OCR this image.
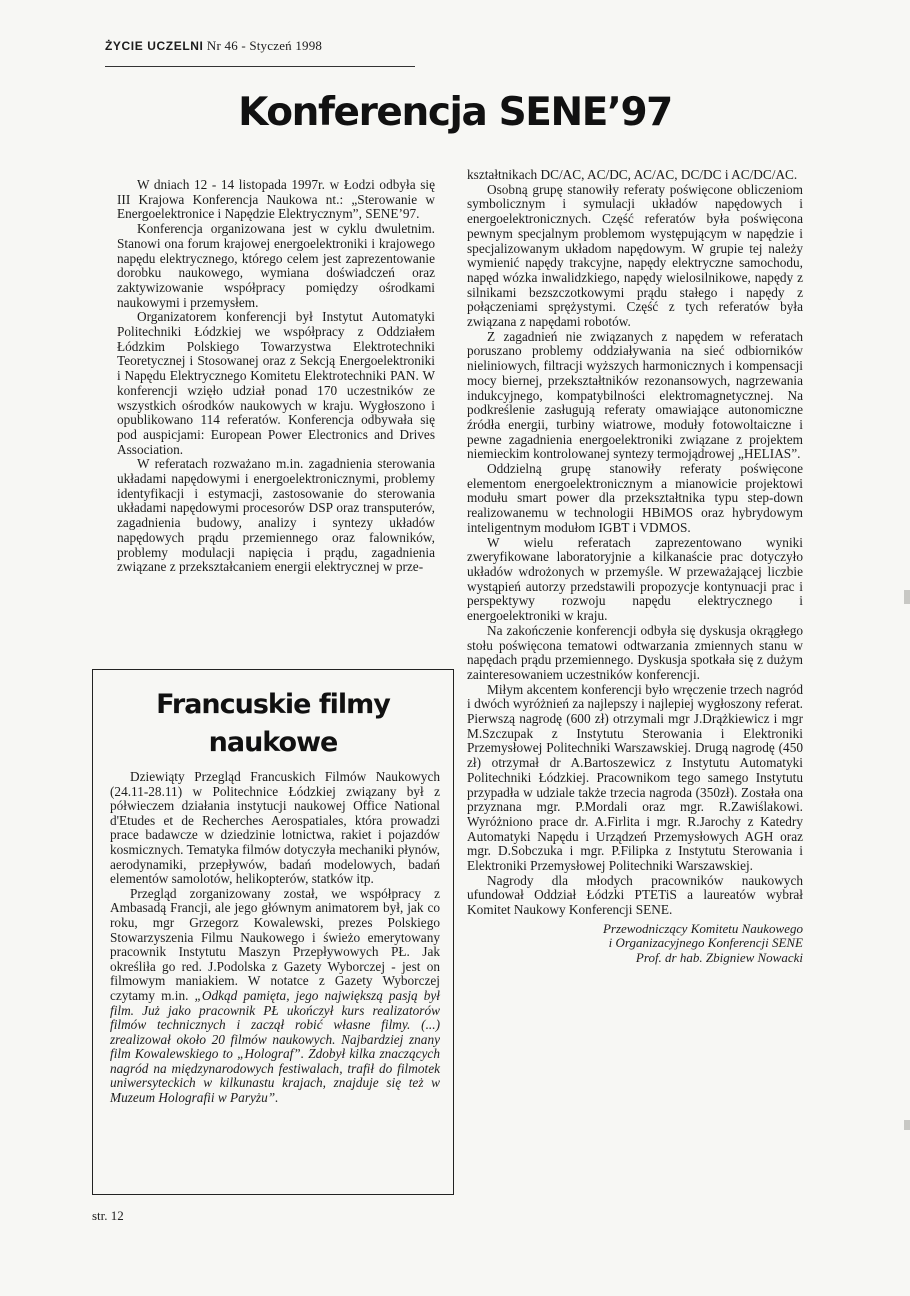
ŻYCIE UCZELNI Nr 46 - Styczeń 1998
Konferencja SENE’97

W dniach 12 - 14 listopada 1997r. w Łodzi odbyła się III Krajowa Konferencja Naukowa nt.: „Sterowanie w Energoelektronice i Napędzie Elektrycznym”, SENE’97.

Konferencja organizowana jest w cyklu dwuletnim. Stanowi ona forum krajowej energoelektroniki i krajowego napędu elektrycznego, którego celem jest zaprezentowanie dorobku naukowego, wymiana doświadczeń oraz zaktywizowanie współpracy pomiędzy ośrodkami naukowymi i przemysłem.

Organizatorem konferencji był Instytut Automatyki Politechniki Łódzkiej we współpracy z Oddziałem Łódzkim Polskiego Towarzystwa Elektrotechniki Teoretycznej i Stosowanej oraz z Sekcją Energoelektroniki i Napędu Elektrycznego Komitetu Elektrotechniki PAN. W konferencji wzięło udział ponad 170 uczestników ze wszystkich ośrodków naukowych w kraju. Wygłoszono i opublikowano 114 referatów. Konferencja odbywała się pod auspicjami: European Power Electronics and Drives Association.

W referatach rozważano m.in. zagadnienia sterowania układami napędowymi i energoelektronicznymi, problemy identyfikacji i estymacji, zastosowanie do sterowania układami napędowymi procesorów DSP oraz transputerów, zagadnienia budowy, analizy i syntezy układów napędowych prądu przemiennego oraz falowników, problemy modulacji napięcia i prądu, zagadnienia związane z przekształcaniem energii elektrycznej w prze-

Francuskie filmy
naukowe

Dziewiąty Przegląd Francuskich Filmów Naukowych (24.11-28.11) w Politechnice Łódzkiej związany był z półwieczem działania instytucji naukowej Office National d'Etudes et de Recherches Aerospatiales, która prowadzi prace badawcze w dziedzinie lotnictwa, rakiet i pojazdów kosmicznych. Tematyka filmów dotyczyła mechaniki płynów, aerodynamiki, przepływów, badań modelowych, badań elementów samolotów, helikopterów, statków itp.

Przegląd zorganizowany został, we współpracy z Ambasadą Francji, ale jego głównym animatorem był, jak co roku, mgr Grzegorz Kowalewski, prezes Polskiego Stowarzyszenia Filmu Naukowego i świeżo emerytowany pracownik Instytutu Maszyn Przepływowych PŁ. Jak określiła go red. J.Podolska z Gazety Wyborczej - jest on filmowym maniakiem. W notatce z Gazety Wyborczej czytamy m.in. „Odkąd pamięta, jego największą pasją był film. Już jako pracownik PŁ ukończył kurs realizatorów filmów technicznych i zaczął robić własne filmy. (...) zrealizował około 20 filmów naukowych. Najbardziej znany film Kowalewskiego to „Holograf”. Zdobył kilka znaczących nagród na międzynarodowych festiwalach, trafił do filmotek uniwersyteckich w kilkunastu krajach, znajduje się też w Muzeum Holografii w Paryżu”.

kształtnikach DC/AC, AC/DC, AC/AC, DC/DC i AC/DC/AC.

Osobną grupę stanowiły referaty poświęcone obliczeniom symbolicznym i symulacji układów napędowych i energoelektronicznych. Część referatów była poświęcona pewnym specjalnym problemom występującym w napędzie i specjalizowanym układom napędowym. W grupie tej należy wymienić napędy trakcyjne, napędy elektryczne samochodu, napęd wózka inwalidzkiego, napędy wielosilnikowe, napędy z silnikami bezszczotkowymi prądu stałego i napędy z połączeniami sprężystymi. Część z tych referatów była związana z napędami robotów.

Z zagadnień nie związanych z napędem w referatach poruszano problemy oddziaływania na sieć odbiorników nieliniowych, filtracji wyższych harmonicznych i kompensacji mocy biernej, przekształtników rezonansowych, nagrzewania indukcyjnego, kompatybilności elektromagnetycznej. Na podkreślenie zasługują referaty omawiające autonomiczne źródła energii, turbiny wiatrowe, moduły fotowoltaiczne i pewne zagadnienia energoelektroniki związane z projektem niemieckim kontrolowanej syntezy termojądrowej „HELIAS”.

Oddzielną grupę stanowiły referaty poświęcone elementom energoelektronicznym a mianowicie projektowi modułu smart power dla przekształtnika typu step-down realizowanemu w technologii HBiMOS oraz hybrydowym inteligentnym modułom IGBT i VDMOS.

W wielu referatach zaprezentowano wyniki zweryfikowane laboratoryjnie a kilkanaście prac dotyczyło układów wdrożonych w przemyśle. W przeważającej liczbie wystąpień autorzy przedstawili propozycje kontynuacji prac i perspektywy rozwoju napędu elektrycznego i energoelektroniki w kraju.

Na zakończenie konferencji odbyła się dyskusja okrągłego stołu poświęcona tematowi odtwarzania zmiennych stanu w napędach prądu przemiennego. Dyskusja spotkała się z dużym zainteresowaniem uczestników konferencji.

Miłym akcentem konferencji było wręczenie trzech nagród i dwóch wyróżnień za najlepszy i najlepiej wygłoszony referat. Pierwszą nagrodę (600 zł) otrzymali mgr J.Drążkiewicz i mgr M.Szczupak z Instytutu Sterowania i Elektroniki Przemysłowej Politechniki Warszawskiej. Drugą nagrodę (450 zł) otrzymał dr A.Bartoszewicz z Instytutu Automatyki Politechniki Łódzkiej. Pracownikom tego samego Instytutu przypadła w udziale także trzecia nagroda (350zł). Została ona przyznana mgr. P.Mordali oraz mgr. R.Zawiślakowi. Wyróżniono prace dr. A.Firlita i mgr. R.Jarochy z Katedry Automatyki Napędu i Urządzeń Przemysłowych AGH oraz mgr. D.Sobczuka i mgr. P.Filipka z Instytutu Sterowania i Elektroniki Przemysłowej Politechniki Warszawskiej.

Nagrody dla młodych pracowników naukowych ufundował Oddział Łódzki PTETiS a laureatów wybrał Komitet Naukowy Konferencji SENE.

Przewodniczący Komitetu Naukowego
i Organizacyjnego Konferencji SENE
Prof. dr hab. Zbigniew Nowacki
str. 12
